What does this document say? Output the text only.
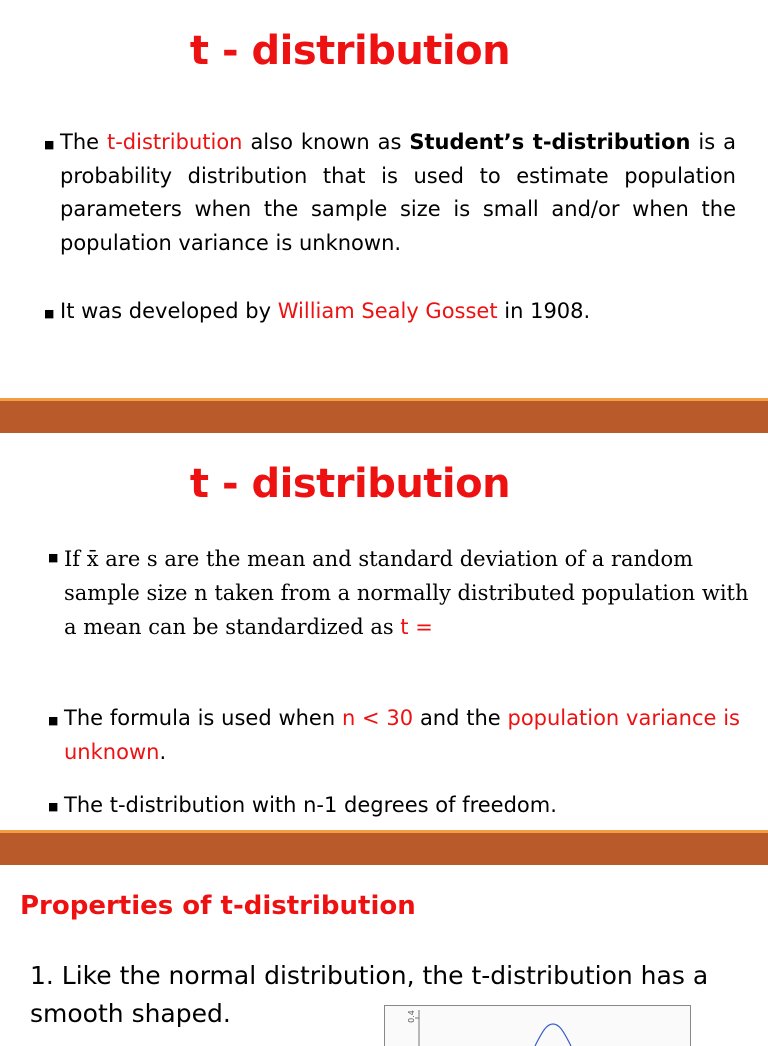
t - distribution
■ The t-distribution also known as Student’s t-distribution is a probability distribution that is used to estimate population parameters when the sample size is small and/or when the population variance is unknown.
■ It was developed by William Sealy Gosset in 1908.
t - distribution
■ If x̄ are s are the mean and standard deviation of a random sample size n taken from a normally distributed population with a mean can be standardized as t =
■ The formula is used when n < 30 and the population variance is unknown.
■ The t-distribution with n-1 degrees of freedom.
Properties of t-distribution
1. Like the normal distribution, the t-distribution has a smooth shaped.	0.4
